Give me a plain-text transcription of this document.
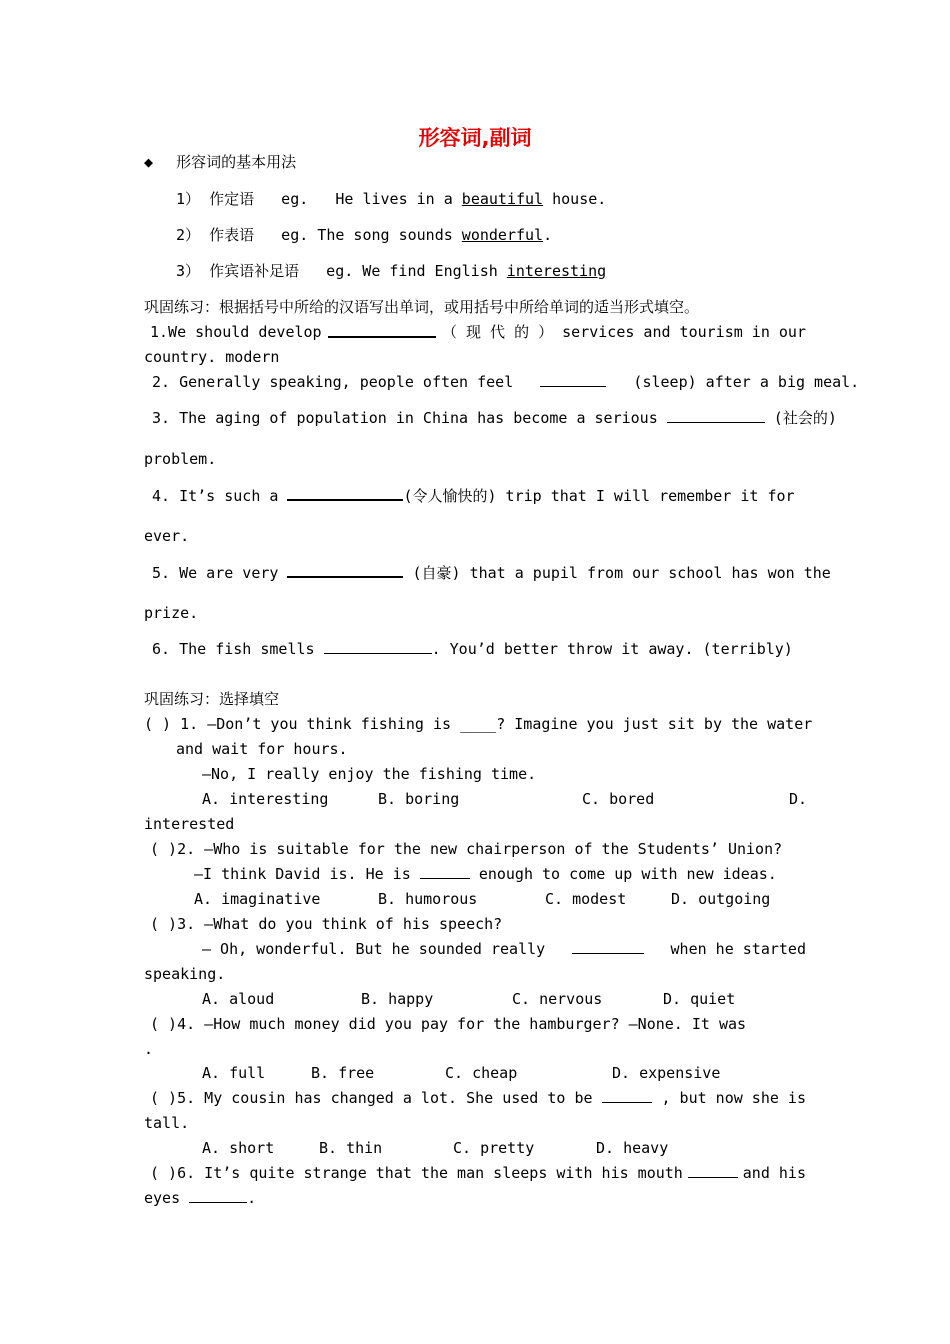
形容词,副词
◆ 形容词的基本用法
1） 作定语 eg. He lives in a beautiful house.
2） 作表语 eg. The song sounds wonderful.
3） 作宾语补足语 eg. We find English interesting
巩固练习：根据括号中所给的汉语写出单词，或用括号中所给单词的适当形式填空。
1.We should develop	（ 现 代 的 ） services and tourism in our
country. modern
2. Generally speaking, people often feel	(sleep) after a big meal.
3. The aging of population in China has become a serious	(社会的)
problem.
4. It’s such a	(令人愉快的) trip that I will remember it for
ever.
5. We are very	(自豪) that a pupil from our school has won the
prize.
6. The fish smells	. You’d better throw it away. (terribly)
巩固练习：选择填空
( ) 1. —Don’t you think fishing is ____? Imagine you just sit by the water
and wait for hours.
—No, I really enjoy the fishing time.
A. interesting	B. boring	C. bored	D.
interested
( )2. —Who is suitable for the new chairperson of the Students’ Union?
—I think David is. He is	enough to come up with new ideas.
A. imaginative	B. humorous	C. modest	D. outgoing
( )3. —What do you think of his speech?
— Oh, wonderful. But he sounded really	when he started
speaking.
A. aloud	B. happy	C. nervous	D. quiet
( )4. —How much money did you pay for the hamburger? —None. It was
.
A. full	B. free	C. cheap	D. expensive
( )5. My cousin has changed a lot. She used to be	, but now she is
tall.
A. short	B. thin	C. pretty	D. heavy
( )6. It’s quite strange that the man sleeps with his mouth	and his
eyes	.
